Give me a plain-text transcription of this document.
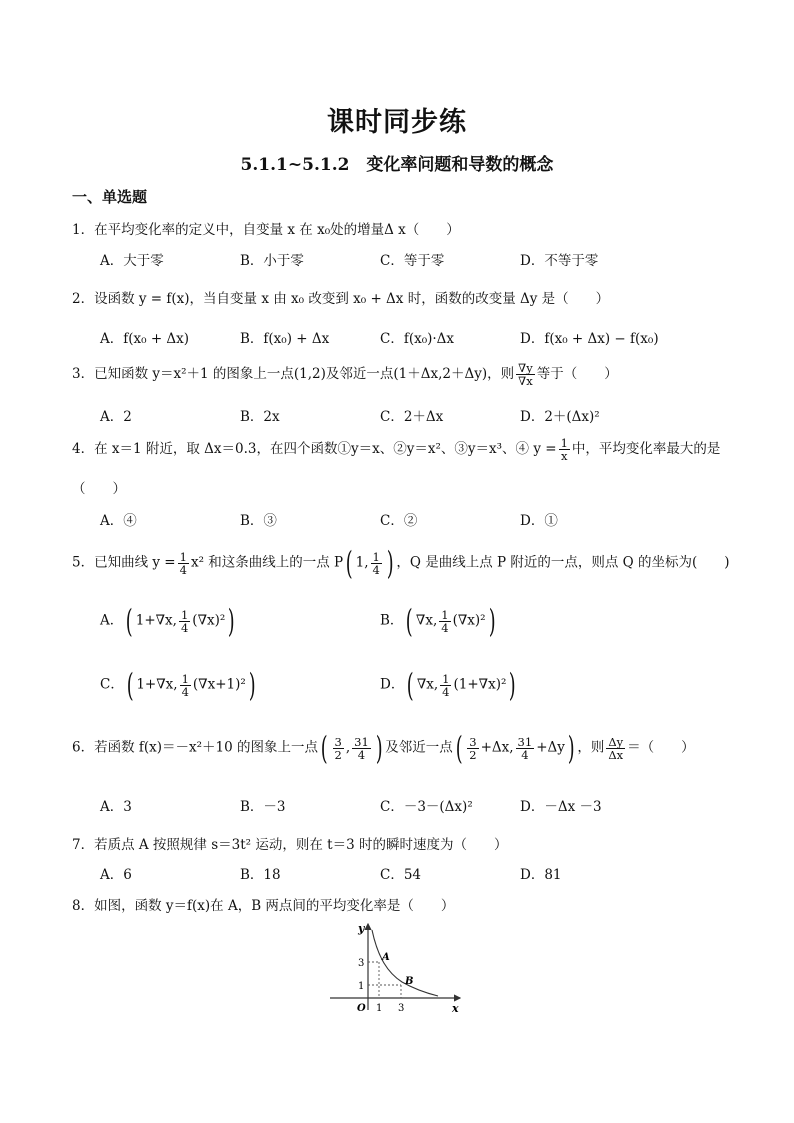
课时同步练
5.1.1~5.1.2　变化率问题和导数的概念
一、单选题
1．在平均变化率的定义中，自变量 x 在 x₀处的增量Δ x（　　）
A．大于零	B．小于零	C．等于零	D．不等于零
2．设函数 y = f(x)，当自变量 x 由 x₀ 改变到 x₀ + Δx 时，函数的改变量 Δy 是（　　）
A．f(x₀ + Δx)	B．f(x₀) + Δx	C．f(x₀)·Δx	D．f(x₀ + Δx) − f(x₀)
3．已知函数 y＝x²＋1 的图象上一点(1,2)及邻近一点(1＋Δx,2＋Δy)，则 $\frac{\nabla y}{\nabla x}$ 等于（　　）
A．2	B．2x	C．2＋Δx	D．2＋(Δx)²
4．在 x＝1 附近，取 Δx＝0.3，在四个函数①y＝x、②y＝x²、③y＝x³、④ $y = \frac{1}{x}$ 中，平均变化率最大的是
（　　）
A．④	B．③	C．②	D．①
5．已知曲线 $y = \frac{1}{4} x^2$ 和这条曲线上的一点 P( 1, $\frac{1}{4}$ ) ，Q 是曲线上点 P 附近的一点，则点 Q 的坐标为(　　)
A．( 1+∇x, $\frac{1}{4} (\nabla x)^2$)	B．( ∇x, $\frac{1}{4} (\nabla x)^2$)
C．( 1+∇x, $\frac{1}{4} (\nabla x+1)^2$)	D．( ∇x, $\frac{1}{4} (1+\nabla x)^2$)
6．若函数 f(x)＝－x²＋10 的图象上一点( $\frac{3}{2}$ , $\frac{31}{4}$ ) 及邻近一点( $\frac{3}{2} +\Delta x$, $\frac{31}{4} +\Delta y$) ，则 $\frac{\Delta y}{\Delta x}$ ＝（　　）
A．3	B．－3	C．－3－(Δx)²	D．－Δx －3
7．若质点 A 按照规律 s＝3t² 运动，则在 t＝3 时的瞬时速度为（　　）
A．6	B．18	C．54	D．81
8．如图，函数 y＝f(x)在 A，B 两点间的平均变化率是（　　）
y
x
O
3
1
1 3
A
B
